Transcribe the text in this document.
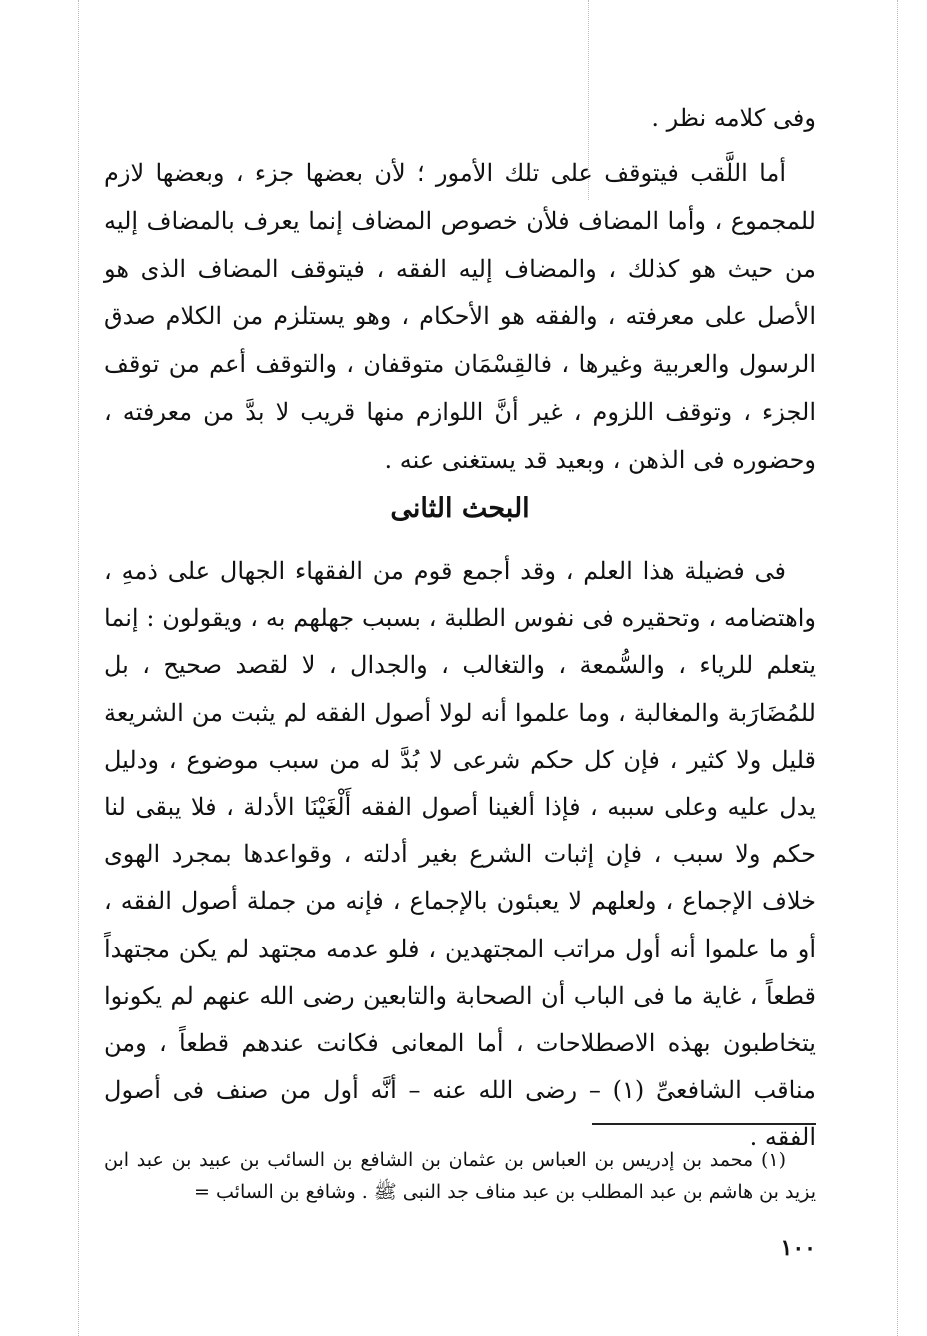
وفى كلامه نظر .

أما اللَّقب فيتوقف على تلك الأمور ؛ لأن بعضها جزء ، وبعضها لازم للمجموع ، وأما المضاف فلأن خصوص المضاف إنما يعرف بالمضاف إليه من حيث هو كذلك ، والمضاف إليه الفقه ، فيتوقف المضاف الذى هو الأصل على معرفته ، والفقه هو الأحكام ، وهو يستلزم من الكلام صدق الرسول والعربية وغيرها ، فالقِسْمَان متوقفان ، والتوقف أعم من توقف الجزء ، وتوقف اللزوم ، غير أنَّ اللوازم منها قريب لا بدَّ من معرفته ، وحضوره فى الذهن ، وبعيد قد يستغنى عنه .

البحث الثانى

فى فضيلة هذا العلم ، وقد أجمع قوم من الفقهاء الجهال على ذمهِ ، واهتضامه ، وتحقيره فى نفوس الطلبة ، بسبب جهلهم به ، ويقولون : إنما يتعلم للرياء ، والسُّمعة ، والتغالب ، والجدال ، لا لقصد صحيح ، بل للمُضَارَبة والمغالبة ، وما علموا أنه لولا أصول الفقه لم يثبت من الشريعة قليل ولا كثير ، فإن كل حكم شرعى لا بُدَّ له من سبب موضوع ، ودليل يدل عليه وعلى سببه ، فإذا ألغينا أصول الفقه أَلْغَيْنَا الأدلة ، فلا يبقى لنا حكم ولا سبب ، فإن إثبات الشرع بغير أدلته ، وقواعدها بمجرد الهوى خلاف الإجماع ، ولعلهم لا يعبئون بالإجماع ، فإنه من جملة أصول الفقه ، أو ما علموا أنه أول مراتب المجتهدين ، فلو عدمه مجتهد لم يكن مجتهداً قطعاً ، غاية ما فى الباب أن الصحابة والتابعين رضى الله عنهم لم يكونوا يتخاطبون بهذه الاصطلاحات ، أما المعانى فكانت عندهم قطعاً ، ومن مناقب الشافعىِّ (١) – رضى الله عنه – أنَّه أول من صنف فى أصول الفقه .

(١) محمد بن إدريس بن العباس بن عثمان بن الشافع بن السائب بن عبيد بن عبد ابن يزيد بن هاشم بن عبد المطلب بن عبد مناف جد النبى ﷺ . وشافع بن السائب =
١٠٠
